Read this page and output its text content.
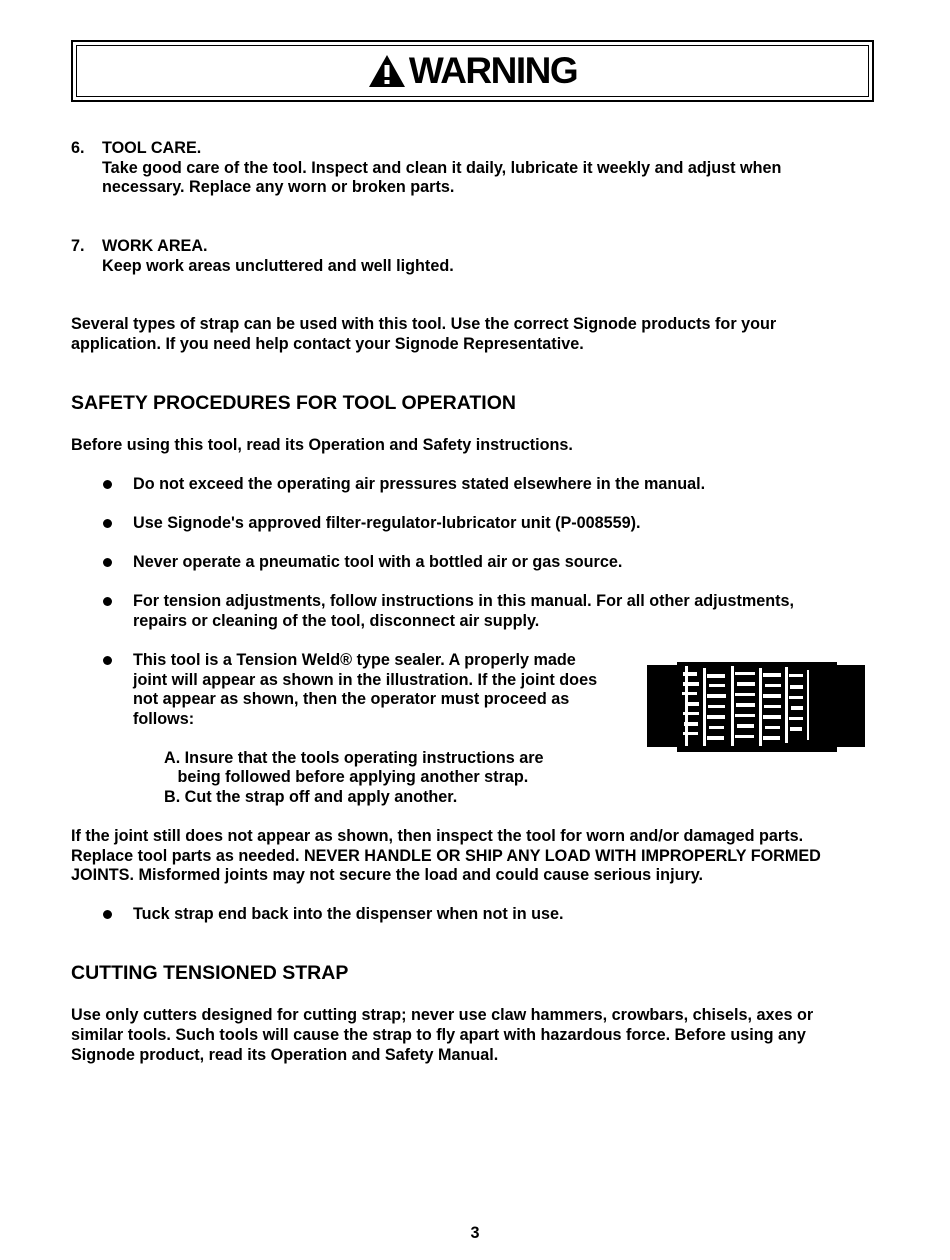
WARNING
6. TOOL CARE.
Take good care of the tool. Inspect and clean it daily, lubricate it weekly and adjust when
necessary. Replace any worn or broken parts.
7. WORK AREA.
Keep work areas uncluttered and well lighted.
Several types of strap can be used with this tool. Use the correct Signode products for your
application. If you need help contact your Signode Representative.
SAFETY PROCEDURES FOR TOOL OPERATION
Before using this tool, read its Operation and Safety instructions.
Do not exceed the operating air pressures stated elsewhere in the manual.
Use Signode's approved filter-regulator-lubricator unit (P-008559).
Never operate a pneumatic tool with a bottled air or gas source.
For tension adjustments, follow instructions in this manual. For all other adjustments,
repairs or cleaning of the tool, disconnect air supply.
This tool is a Tension Weld® type sealer. A properly made
joint will appear as shown in the illustration. If the joint does
not appear as shown, then the operator must proceed as
follows:
A. Insure that the tools operating instructions are
being followed before applying another strap.
B. Cut the strap off and apply another.
If the joint still does not appear as shown, then inspect the tool for worn and/or damaged parts.
Replace tool parts as needed. NEVER HANDLE OR SHIP ANY LOAD WITH IMPROPERLY FORMED
JOINTS. Misformed joints may not secure the load and could cause serious injury.
Tuck strap end back into the dispenser when not in use.
CUTTING TENSIONED STRAP
Use only cutters designed for cutting strap; never use claw hammers, crowbars, chisels, axes or
similar tools. Such tools will cause the strap to fly apart with hazardous force. Before using any
Signode product, read its Operation and Safety Manual.
3
